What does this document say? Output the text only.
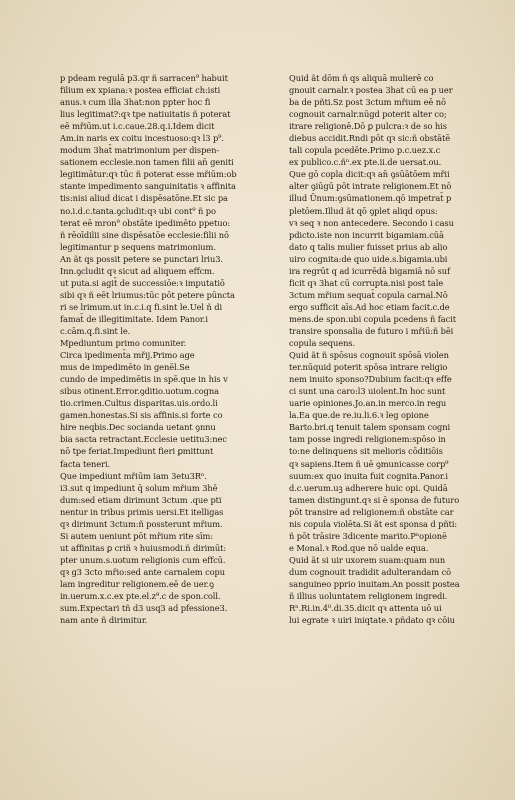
p pdeam regulā p3.qr ñ sarracen⁹ habuit
filium ex xpiana:ꝛ postea efficiat ch:isti
anus.ꝛ cum illa 3hat:non ppter hoc fi
lius legitimat?:qꝛ tpe natiuitatis ñ poterat
eē mřiūm.ut i.c.caue.28.q.i.Idem dicit
Am.in naris ex coitu incestuoso:qꝛ l3 p⁹.
modum 3hat̄ matrimonium per dispen-
sationem ecclesie.non tamen filii an̄ geniti
legitimātur:qꝛ tūc ñ poterat esse mřiūm:ob
stante impedimento sanguinitatis ꝛ affinita
tis:nisi aliud dicat i dispēsatōne.Et sic pa
no.i.d.c.tanta.ꝯcludit:qꝛ ubi cont⁹ ñ po
terat eē mron⁹ obstāte ipedimēto ppetuo:
ñ rēoīdilii sine dispēsatōe ecclesie:filii nō
legitimantur p sequens matrimonium.
An ãt qs possit petere se punctari lriu3.
Inn.ꝯcludit qꝛ sicut ad aliquem effcm.
ut puta.si agit̄ de successiōe:ꝛ imputatiō
sibi qꝛ ñ eēt lriumus:tūc pōt petere pūncta
ri se lrimum.ut in.c.i.q fi.sint le.Uel ñ di
famat̄ de illegitimitate. Idem Panor.i
c.cām.q.fi.sint le.
Mpediuntum primo comuniter.
Circa ipediment̄a mřij.Primo age
mus de impedimēto in genēl.Se
cundo de impedimētis in spē.que in his v
sibus otinent.Error.ꝯditio.uotum.cogna
tio.crimen.Cultus disparitas.uis.ordo.li
gamen.honestas.Si sis affinis.si forte co
hire neqbis.Dec socianda uetant ꝯnnu
bia sacta retractant.Ecclesie uetitu3:nec
nō tpe feriat.Impediunt fieri ꝑmittunt
facta teneri.
Que impediunt mřiūm iam 3etu3Rⁿ.
i3.sut q impediunt q̄ solum mřium 3hē
dum:sed etiam dirimunt 3ctum .que pti
nentur in tribus primis uersi.Et itelligas
qꝛ dirimunt 3ctum:ñ possterunt mřium.
Si autem ueniunt pōt mřium rite sīm:
ut affinitas ꝑ criñ ꝛ huiusmodi.ñ dirimūt:
pter unum.s.uotum religionis cum effcū.
qꝛ g3 3cto mřio:sed ante carnalem copu
lam ingreditur religionem.eē de uer.ꝯ
in.uerum.x.c.ex pte.el.z⁹.c de spon.coll.
sum.Expectari tñ d3 usq3 ad pfessione3.
nam ante ñ dirimitur.
Quid ãt dōm ñ qs aliquā mulierē co
gnouit carnalr.ꝛ postea 3hat cū ea p uer
ba de pñti.Sz post 3ctum mřium eē nō
cognouit carnalr.nūgd poterit alter co;
itrare religionē.Dō ꝑ pulcra:ꝛ de so his
diebus accidit.Rndi pōt qꝛ sic:ñ obstātē
tali copula pcedēte.Primo p.c.uez.x.c
ex publico.c.ñⁿ.ex pte.ii.de uersat.ou.
Que gō copla dicit:qꝛ an̄ ꝯsūātōem mřii
alter ꝯiūgū pōt intrate religionem.Et nō
illud Ūnum:ꝯsūmationem.qō impetrat̄ p
pletōem.Illud ãt qō ꝯplet aliqd opus:
vꝛ seq ꝛ non antecedere. Secondo i casu
pdicto.iste non incurrit bigamiam.cūā
dato q talis mulier fuisset prius ab alio
uiro cognita:de quo uide.s.bigamia.ubi
ira regrūt q ad icurrēdā bigamiā nō suf
ficit qꝛ 3hat cū corrupta.nisi post tale
3ctum mřium sequat̄ copula carnal.Nō
ergo sufficit aīs.Ad hoc etiam facit.c.de
mens.de spon.ubi copula pcedens ñ facit
transire sponsalia de futuro i mřiū:ñ bēi
copula sequens.
Quid ãt ñ spōsus cognouit spōsā violen
ter.nūquid poterit spōsa intrare religio
nem inuito sponso?Dubium facit:qꝛ effe
ci sunt una caro:l3 uiolent.In hoc sunt
uarie opiniones.Jo.an.in merco.in regu
la.Ea que.de re.iu.li.6.ꝛ leg opione
Barto.bri.q tenuit talem sponsam cogni
tam posse ingredi religionem:spōso in
to:ne delinquens sit melioris cōditiōis
qꝛ sapiens.Item ñ uē ꝯmunicasse corp⁹
suum:ex quo inuita fuit cognita.Panor.i
d.c.uerum.uꝫ adherere huic opi. Quidā
tamen distingunt.qꝛ si ē sponsa de futuro
pōt transire ad religionem:ñ obstāte car
nis copula violēta.Si ãt est sponsa d pñti:
ñ pōt trāsire 3dicente marito.Pⁿopionē
e Monal.ꝛ Rod.que nō ualde equa.
Quid ãt si uir uxorem suam:quam nun
dum cognouit tradidit adulterandam cō
sanguineo pprio inuitam.An possit postea
ñ illius uoluntatem religionem ingredi.
Rⁿ.Ri.in.4⁰.di.35.dicit qꝛ attenta uō ui
lui egrate ꝛ uiri iniqtate.ꝛ pñdato qꝛ cōiu
